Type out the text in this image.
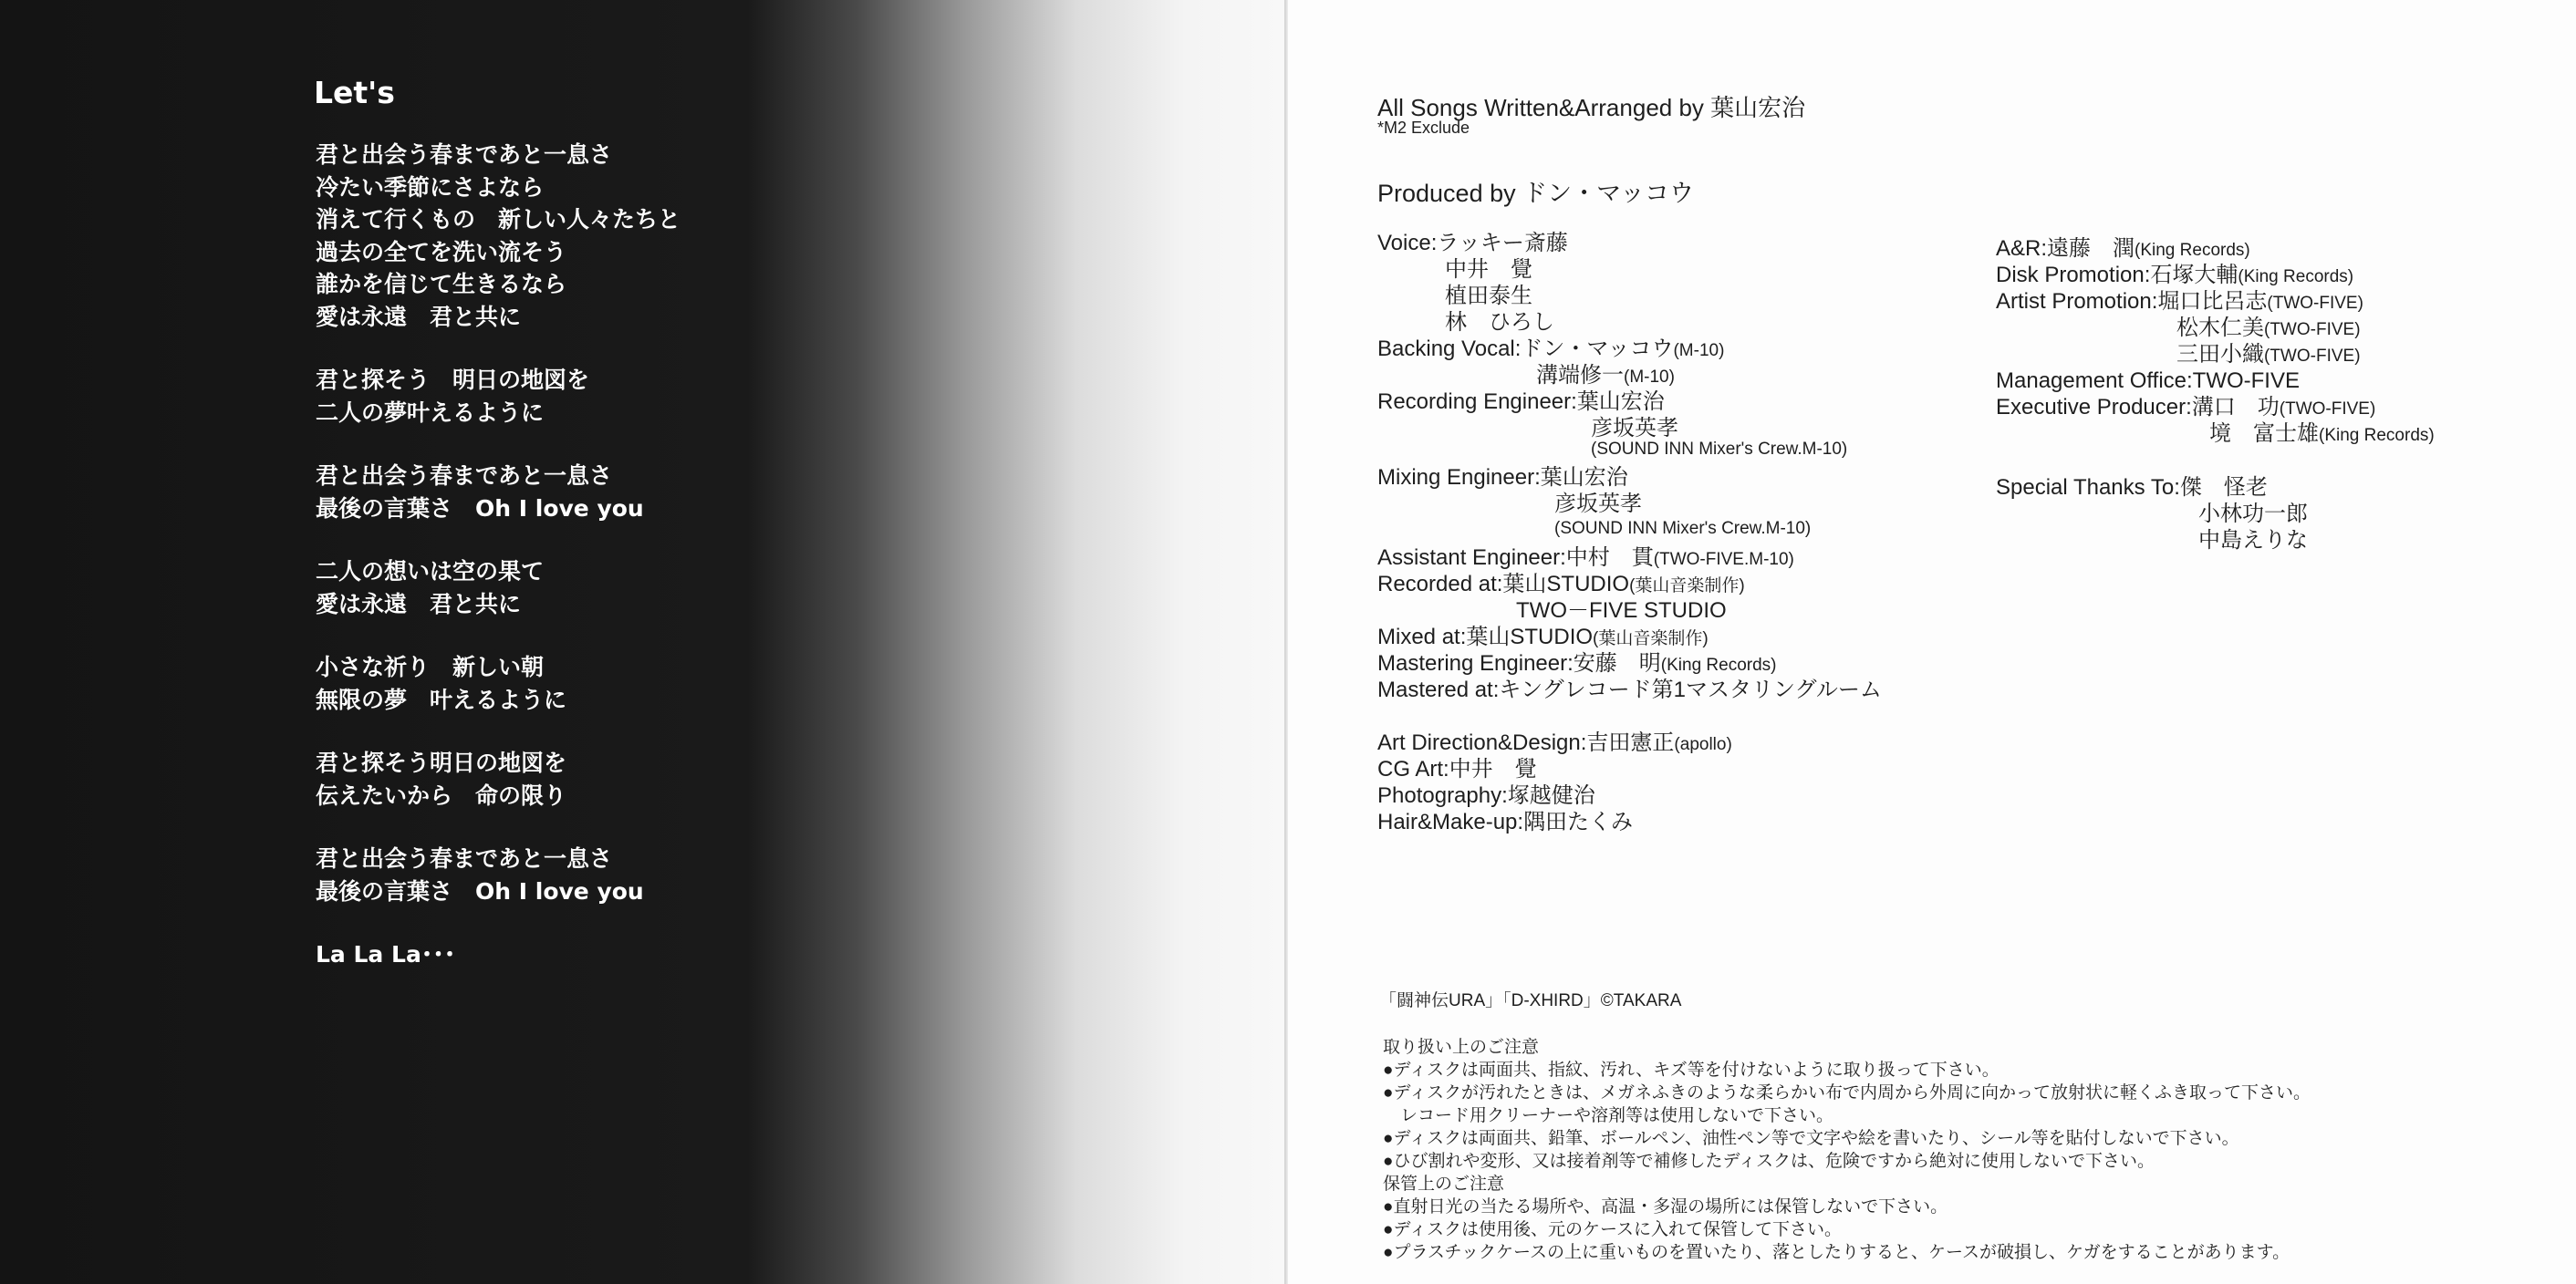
Let's
君と出会う春まであと一息さ
冷たい季節にさよなら
消えて行くもの　新しい人々たちと
過去の全てを洗い流そう
誰かを信じて生きるなら
愛は永遠　君と共に
君と探そう　明日の地図を
二人の夢叶えるように
君と出会う春まであと一息さ
最後の言葉さ　Oh I love you
二人の想いは空の果て
愛は永遠　君と共に
小さな祈り　新しい朝
無限の夢　叶えるように
君と探そう明日の地図を
伝えたいから　命の限り
君と出会う春まであと一息さ
最後の言葉さ　Oh I love you
La La La･･･
All Songs Written&Arranged by 葉山宏治
*M2 Exclude
Produced by ドン・マッコウ
Voice:ラッキー斎藤
中井　覺
植田泰生
林　ひろし
Backing Vocal:ドン・マッコウ(M-10)
溝端修一(M-10)
Recording Engineer:葉山宏治
彦坂英孝
(SOUND INN Mixer's Crew.M-10)
Mixing Engineer:葉山宏治
彦坂英孝
(SOUND INN Mixer's Crew.M-10)
Assistant Engineer:中村　貫(TWO-FIVE.M-10)
Recorded at:葉山STUDIO(葉山音楽制作)
TWO－FIVE STUDIO
Mixed at:葉山STUDIO(葉山音楽制作)
Mastering Engineer:安藤　明(King Records)
Mastered at:キングレコード第1マスタリングルーム
Art Direction&Design:吉田憲正(apollo)
CG Art:中井　覺
Photography:塚越健治
Hair&Make-up:隅田たくみ
A&R:遠藤　潤(King Records)
Disk Promotion:石塚大輔(King Records)
Artist Promotion:堀口比呂志(TWO-FIVE)
松木仁美(TWO-FIVE)
三田小織(TWO-FIVE)
Management Office:TWO-FIVE
Executive Producer:溝口　功(TWO-FIVE)
境　富士雄(King Records)
Special Thanks To:傑　怪老
小林功一郎
中島えりな
「闘神伝URA」「D-XHIRD」©TAKARA
取り扱い上のご注意
●ディスクは両面共、指紋、汚れ、キズ等を付けないように取り扱って下さい。
●ディスクが汚れたときは、メガネふきのような柔らかい布で内周から外周に向かって放射状に軽くふき取って下さい。
　レコード用クリーナーや溶剤等は使用しないで下さい。
●ディスクは両面共、鉛筆、ボールペン、油性ペン等で文字や絵を書いたり、シール等を貼付しないで下さい。
●ひび割れや変形、又は接着剤等で補修したディスクは、危険ですから絶対に使用しないで下さい。
保管上のご注意
●直射日光の当たる場所や、高温・多湿の場所には保管しないで下さい。
●ディスクは使用後、元のケースに入れて保管して下さい。
●プラスチックケースの上に重いものを置いたり、落としたりすると、ケースが破損し、ケガをすることがあります。
